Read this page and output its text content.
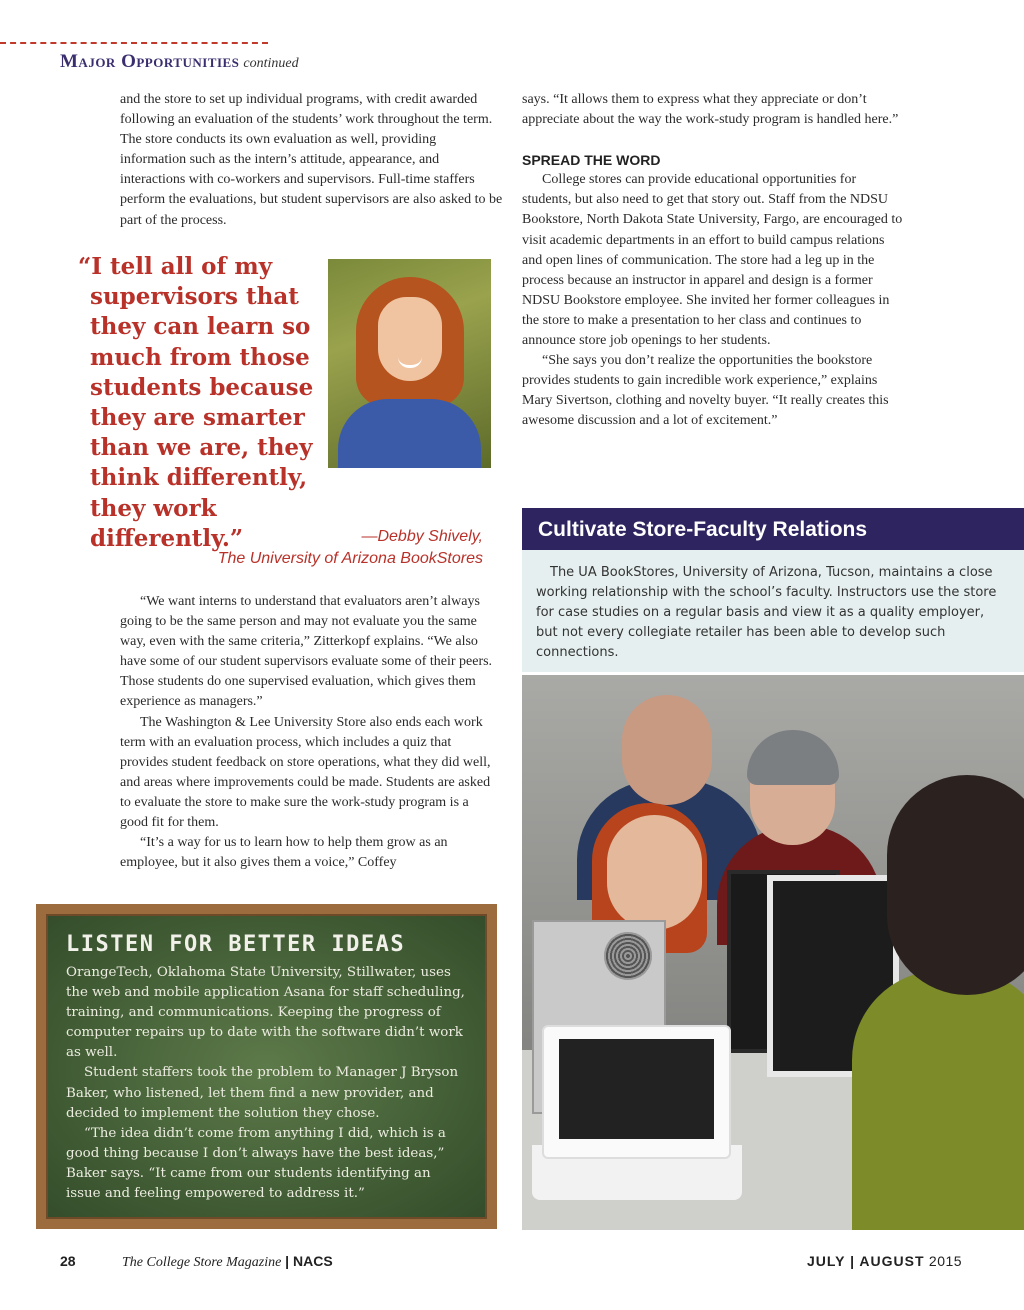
Major Opportunities continued

and the store to set up individual programs, with credit awarded following an evaluation of the students’ work throughout the term. The store conducts its own evaluation as well, providing information such as the intern’s attitude, appearance, and interactions with co-workers and supervisors. Full-time staffers perform the evaluations, but student supervisors are also asked to be part of the process.

“I tell all of my supervisors that they can learn so much from those students because they are smarter than we are, they think differently, they work differently.”	—Debby Shively,
The University of Arizona BookStores

“We want interns to understand that evaluators aren’t always going to be the same person and may not evaluate you the same way, even with the same criteria,” Zitterkopf explains. “We also have some of our student supervisors evaluate some of their peers. Those students do one supervised evaluation, which gives them experience as managers.”

The Washington & Lee University Store also ends each work term with an evaluation process, which includes a quiz that provides student feedback on store operations, what they did well, and areas where improvements could be made. Students are asked to evaluate the store to make sure the work-study program is a good fit for them.

“It’s a way for us to learn how to help them grow as an employee, but it also gives them a voice,” Coffey

says. “It allows them to express what they appreciate or don’t appreciate about the way the work-study program is handled here.”

SPREAD THE WORD

College stores can provide educational opportunities for students, but also need to get that story out. Staff from the NDSU Bookstore, North Dakota State University, Fargo, are encouraged to visit academic departments in an effort to build campus relations and open lines of communication. The store had a leg up in the process because an instructor in apparel and design is a former NDSU Bookstore employee. She invited her former colleagues in the store to make a presentation to her class and continues to announce store job openings to her students.

“She says you don’t realize the opportunities the bookstore provides students to gain incredible work experience,” explains Mary Sivertson, clothing and novelty buyer. “It really creates this awesome discussion and a lot of excitement.”

Cultivate Store-Faculty Relations

The UA BookStores, University of Arizona, Tucson, maintains a close working relationship with the school’s faculty. Instructors use the store for case studies on a regular basis and view it as a quality employer, but not every collegiate retailer has been able to develop such connections.

LISTEN FOR BETTER IDEAS

OrangeTech, Oklahoma State University, Stillwater, uses the web and mobile application Asana for staff scheduling, training, and communications. Keeping the progress of computer repairs up to date with the software didn’t work as well.

Student staffers took the problem to Manager J Bryson Baker, who listened, let them find a new provider, and decided to implement the solution they chose.

“The idea didn’t come from anything I did, which is a good thing because I don’t always have the best ideas,” Baker says. “It came from our students identifying an issue and feeling empowered to address it.”

28	The College Store Magazine | NACS	JULY | AUGUST 2015
